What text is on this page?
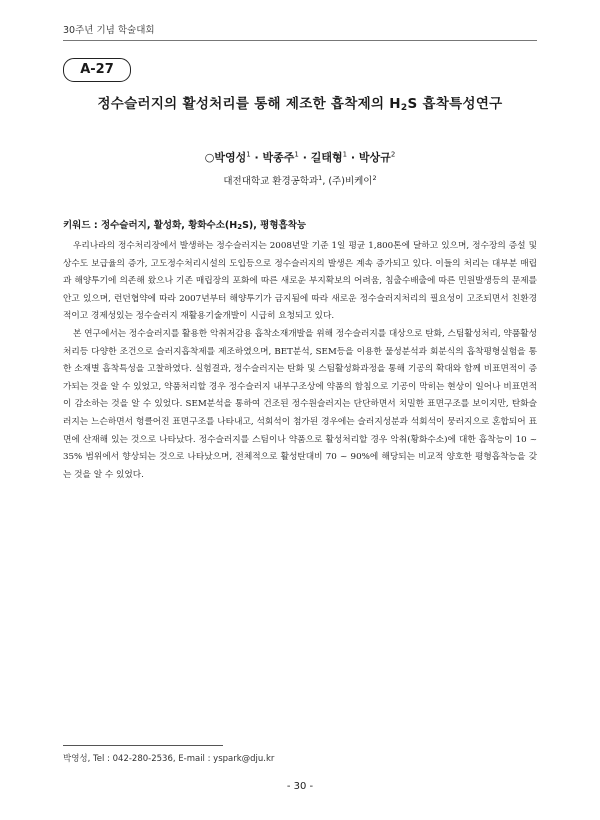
30주년 기념 학술대회
A-27
정수슬러지의 활성처리를 통해 제조한 흡착제의 $H_2S$ 흡착특성연구
○박영성$^1$ · 박종주$^1$ · 길태형$^1$ · 박상규$^2$
대전대학교 환경공학과$^1$, (주)비케이$^2$
키워드 : 정수슬러지, 활성화, 황화수소$(H_2S)$, 평형흡착능

우리나라의 정수처리장에서 발생하는 정수슬러지는 2008년말 기준 1일 평균 1,800톤에 달하고 있으며, 정수장의 증설 및 상수도 보급율의 증가, 고도정수처리시설의 도입등으로 정수슬러지의 발생은 계속 증가되고 있다. 이들의 처리는 대부분 매립과 해양투기에 의존해 왔으나 기존 매립장의 포화에 따른 새로운 부지확보의 어려움, 침출수배출에 따른 민원발생등의 문제를 안고 있으며, 런던협약에 따라 2007년부터 해양투기가 금지됨에 따라 새로운 정수슬러지처리의 필요성이 고조되면서 친환경적이고 경제성있는 정수슬러지 재활용기술개발이 시급히 요청되고 있다.

본 연구에서는 정수슬러지를 활용한 악취저감용 흡착소재개발을 위해 정수슬러지를 대상으로 탄화, 스팀활성처리, 약품활성처리등 다양한 조건으로 슬러지흡착제를 제조하였으며, BET분석, SEM등을 이용한 물성분석과 회분식의 흡착평형실험을 통한 소재별 흡착특성을 고찰하였다. 실험결과, 정수슬러지는 탄화 및 스팀활성화과정을 통해 기공의 확대와 함께 비표면적이 증가되는 것을 알 수 있었고, 약품처리할 경우 정수슬러지 내부구조상에 약품의 함침으로 기공이 막히는 현상이 일어나 비표면적이 감소하는 것을 알 수 있었다. SEM분석을 통하여 건조된 정수원슬러지는 단단하면서 치밀한 표면구조를 보이지만, 탄화슬러지는 느슨하면서 헝클어진 표면구조를 나타내고, 석회석이 첨가된 경우에는 슬러지성분과 석회석이 뭉러지으로 혼합되어 표면에 산재해 있는 것으로 나타났다. 정수슬러지를 스팀이나 약품으로 활성처리할 경우 악취(황화수소)에 대한 흡착능이 10 ~ 35% 범위에서 향상되는 것으로 나타났으며, 전체적으로 활성탄대비 70 ~ 90%에 해당되는 비교적 양호한 평형흡착능을 갖는 것을 알 수 있었다.

박영성, Tel : 042-280-2536, E-mail : yspark@dju.kr
- 30 -
